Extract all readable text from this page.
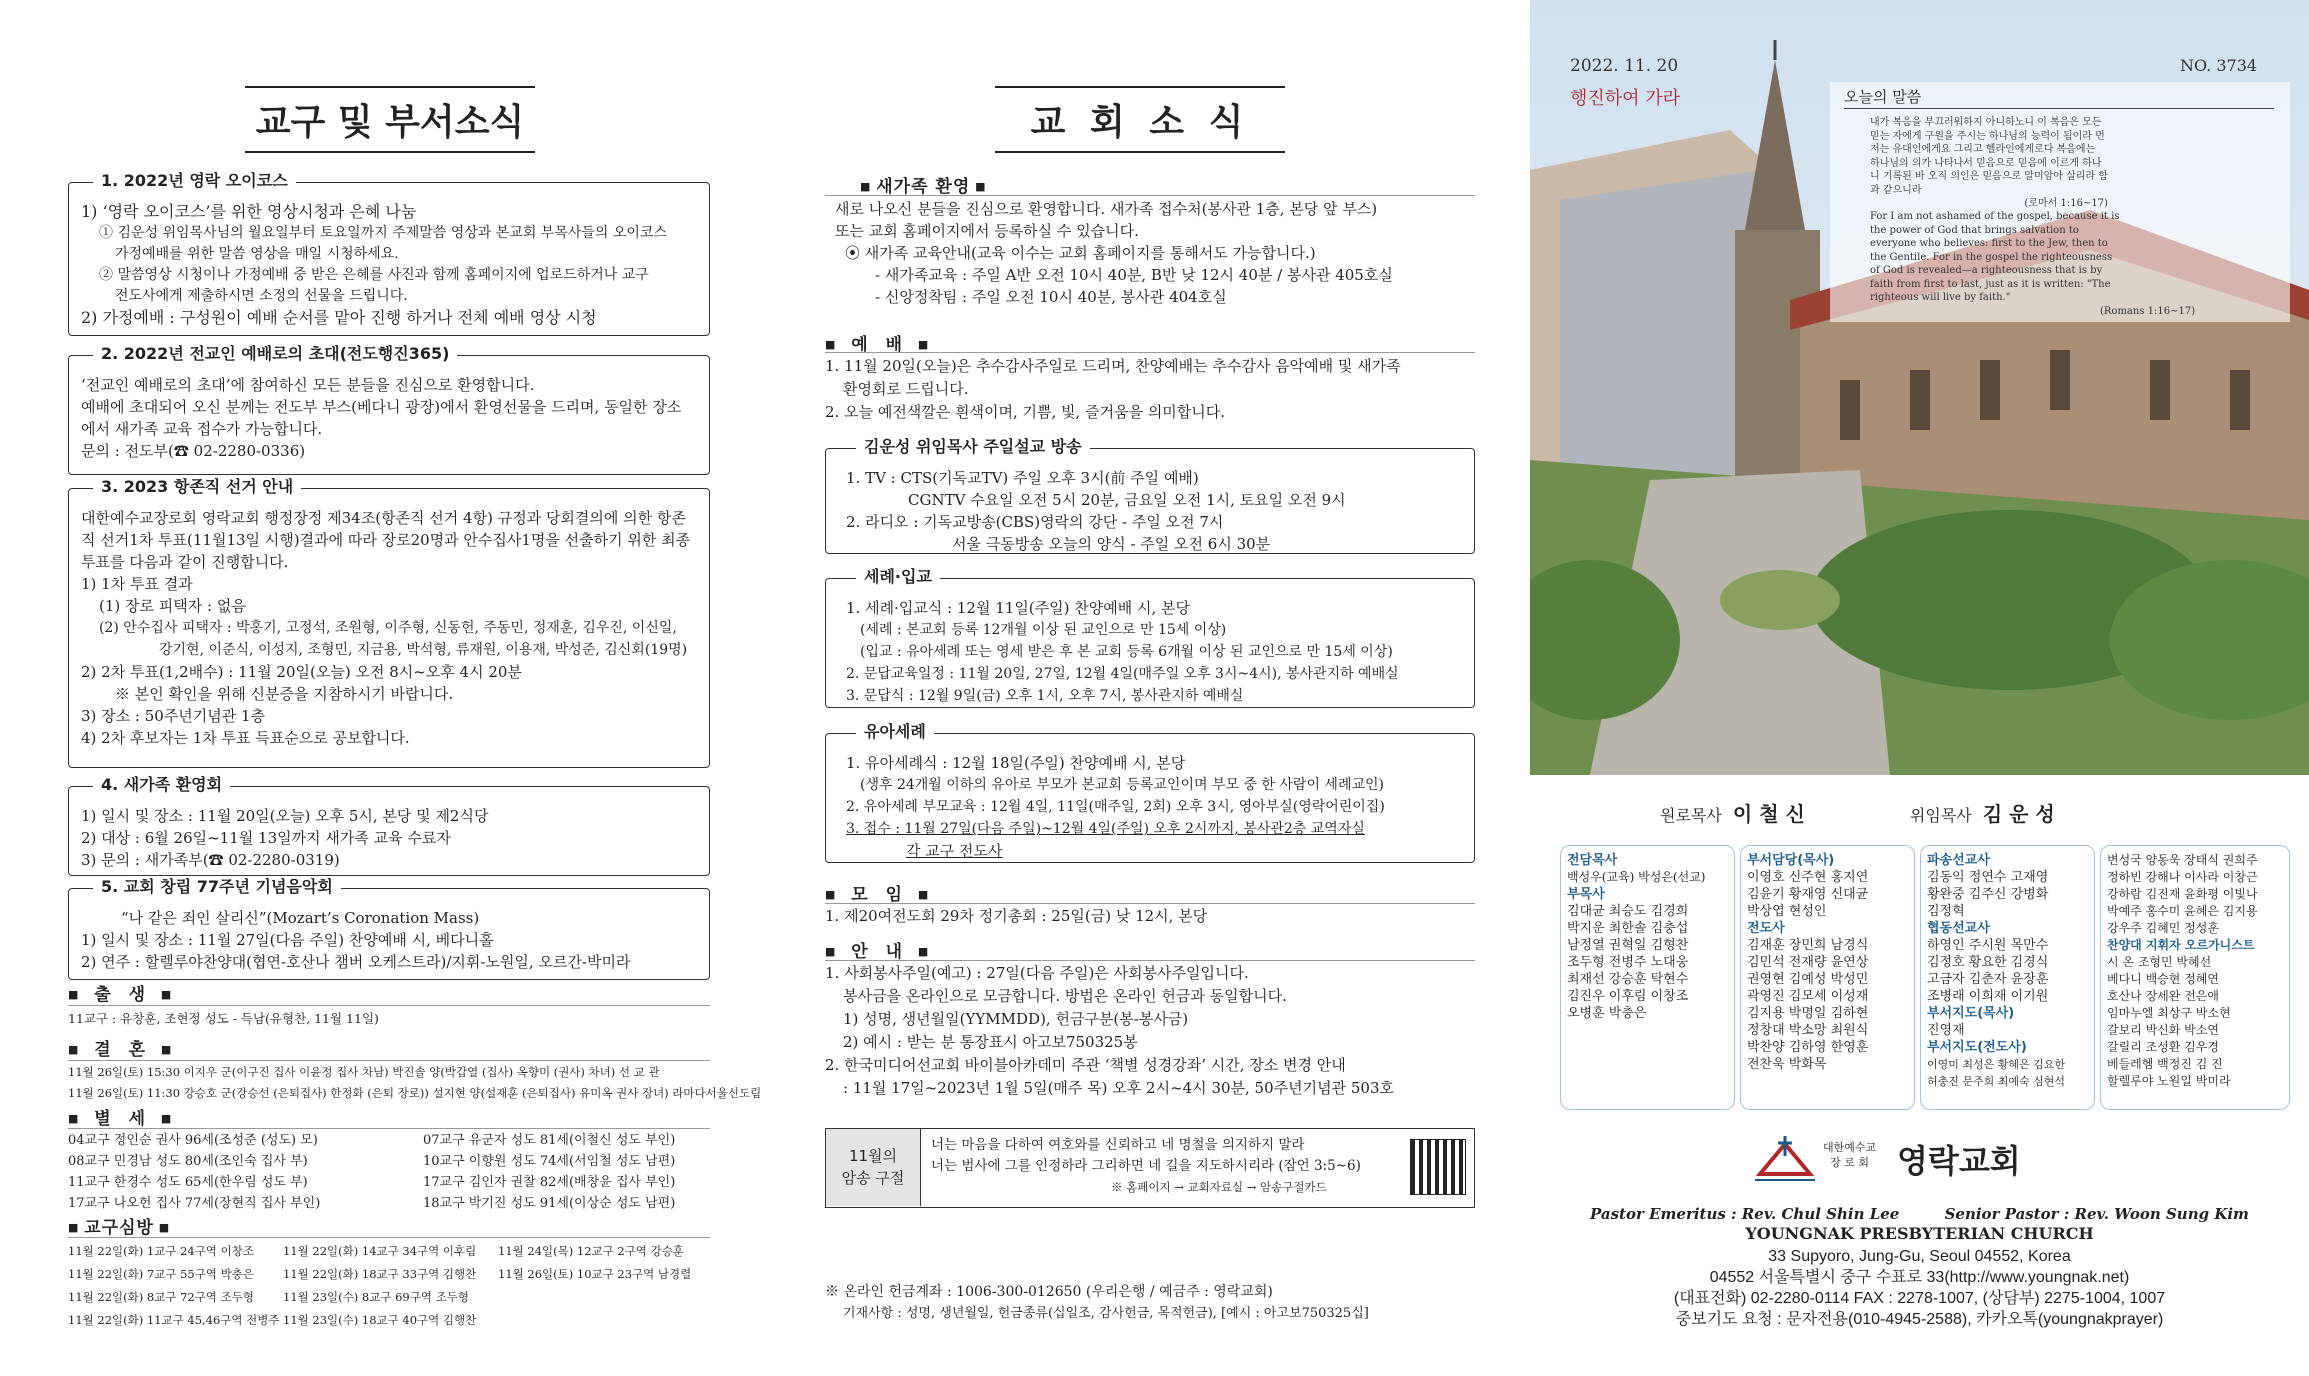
교구 및 부서소식
1. 2022년 영락 오이코스
1) ‘영락 오이코스’를 위한 영상시청과 은혜 나눔
① 김운성 위임목사님의 월요일부터 토요일까지 주제말씀 영상과 본교회 부목사들의 오이코스
가정예배를 위한 말씀 영상을 매일 시청하세요.
② 말씀영상 시청이나 가정예배 중 받은 은혜를 사진과 함께 홈페이지에 업로드하거나 교구
전도사에게 제출하시면 소정의 선물을 드립니다.
2) 가정예배 : 구성원이 예배 순서를 맡아 진행 하거나 전체 예배 영상 시청
2. 2022년 전교인 예배로의 초대(전도행진365)
‘전교인 예배로의 초대’에 참여하신 모든 분들을 진심으로 환영합니다.
예배에 초대되어 오신 분께는 전도부 부스(베다니 광장)에서 환영선물을 드리며, 동일한 장소
에서 새가족 교육 접수가 가능합니다.
문의 : 전도부(☎ 02-2280-0336)
3. 2023 항존직 선거 안내
대한예수교장로회 영락교회 행정장정 제34조(항존직 선거 4항) 규정과 당회결의에 의한 항존
직 선거1차 투표(11월13일 시행)결과에 따라 장로20명과 안수집사1명을 선출하기 위한 최종
투표를 다음과 같이 진행합니다.
1) 1차 투표 결과
(1) 장로 피택자 : 없음
(2) 안수집사 피택자 : 박홍기, 고정석, 조원형, 이주형, 신동헌, 주동민, 정재훈, 김우진, 이신일,
강기현, 이준식, 이성지, 조형민, 지금용, 박석형, 류재원, 이용재, 박성준, 김신회(19명)
2) 2차 투표(1,2배수) : 11월 20일(오늘) 오전 8시~오후 4시 20분
※ 본인 확인을 위해 신분증을 지참하시기 바랍니다.
3) 장소 : 50주년기념관 1층
4) 2차 후보자는 1차 투표 득표순으로 공보합니다.
4. 새가족 환영회
1) 일시 및 장소 : 11월 20일(오늘) 오후 5시, 본당 및 제2식당
2) 대상 : 6월 26일~11월 13일까지 새가족 교육 수료자
3) 문의 : 새가족부(☎ 02-2280-0319)
5. 교회 창립 77주년 기념음악회
“나 같은 죄인 살리신”(Mozart’s Coronation Mass)
1) 일시 및 장소 : 11월 27일(다음 주일) 찬양예배 시, 베다니홀
2) 연주 : 할렐루야찬양대(협연-호산나 챔버 오케스트라)/지휘-노원일, 오르간-박미라
■ 출 생 ■
11교구 : 유창훈, 조현정 성도 - 득남(유형찬, 11월 11일)
■ 결 혼 ■
11월 26일(토) 15:30 이지우 군(이구진 집사 이윤정 집사 차남) 박진솔 양(박갑열 (집사) 옥향미 (권사) 차녀) 선 교 관
11월 26일(토) 11:30 강승호 군(강승선 (은퇴집사) 한정화 (은퇴 장로)) 설지현 양(설재훈 (은퇴집사) 유미옥 권사 장녀) 라마다서울신도림
■ 별 세 ■
04교구 정인순 권사 96세(조성준 (성도) 모)	07교구 유군자 성도 81세(이철신 성도 부인)
08교구 민경남 성도 80세(조인숙 집사 부)	10교구 이향원 성도 74세(서임철 성도 남편)
11교구 한경수 성도 65세(한우림 성도 부)	17교구 김인자 권찰 82세(배창윤 집사 부인)
17교구 나오헌 집사 77세(장현직 집사 부인)	18교구 박기진 성도 91세(이상순 성도 남편)
■ 교구심방 ■
11월 22일(화) 1교구 24구역 이창조	11월 22일(화) 14교구 34구역 이후림 11월 24일(목) 12교구 2구역 강승훈
11월 22일(화) 7교구 55구역 박충은	11월 22일(화) 18교구 33구역 김행찬 11월 26일(토) 10교구 23구역 남경렬
11월 22일(화) 8교구 72구역 조두형	11월 23일(수) 8교구 69구역 조두형
11월 22일(화) 11교구 45,46구역 전병주 11월 23일(수) 18교구 40구역 김행찬
교 회 소 식
■ 새가족 환영 ■
새로 나오신 분들을 진심으로 환영합니다. 새가족 접수처(봉사관 1층, 본당 앞 부스)
또는 교회 홈페이지에서 등록하실 수 있습니다.
⦿ 새가족 교육안내(교육 이수는 교회 홈페이지를 통해서도 가능합니다.)
- 새가족교육 : 주일 A반 오전 10시 40분, B반 낮 12시 40분 / 봉사관 405호실
- 신앙정착팀 : 주일 오전 10시 40분, 봉사관 404호실
■ 예 배 ■
1. 11월 20일(오늘)은 추수감사주일로 드리며, 찬양예배는 추수감사 음악예배 및 새가족
환영회로 드립니다.
2. 오늘 예전색깔은 흰색이며, 기쁨, 빛, 즐거움을 의미합니다.
김운성 위임목사 주일설교 방송
1. TV : CTS(기독교TV) 주일 오후 3시(前 주일 예배)
CGNTV 수요일 오전 5시 20분, 금요일 오전 1시, 토요일 오전 9시
2. 라디오 : 기독교방송(CBS)영락의 강단 - 주일 오전 7시
서울 극동방송 오늘의 양식 - 주일 오전 6시 30분
세례·입교
1. 세례·입교식 : 12월 11일(주일) 찬양예배 시, 본당
(세례 : 본교회 등록 12개월 이상 된 교인으로 만 15세 이상)
(입교 : 유아세례 또는 영세 받은 후 본 교회 등록 6개월 이상 된 교인으로 만 15세 이상)
2. 문답교육일정 : 11월 20일, 27일, 12월 4일(매주일 오후 3시~4시), 봉사관지하 예배실
3. 문답식 : 12월 9일(금) 오후 1시, 오후 7시, 봉사관지하 예배실
유아세례
1. 유아세례식 : 12월 18일(주일) 찬양예배 시, 본당
(생후 24개월 이하의 유아로 부모가 본교회 등록교인이며 부모 중 한 사람이 세례교인)
2. 유아세례 부모교육 : 12월 4일, 11일(매주일, 2회) 오후 3시, 영아부실(영락어린이집)
3. 접수 : 11월 27일(다음 주일)~12월 4일(주일) 오후 2시까지, 봉사관2층 교역자실
각 교구 전도사
■ 모 임 ■
1. 제20여전도회 29차 정기총회 : 25일(금) 낮 12시, 본당
■ 안 내 ■
1. 사회봉사주일(예고) : 27일(다음 주일)은 사회봉사주일입니다.
봉사금을 온라인으로 모금합니다. 방법은 온라인 헌금과 동일합니다.
1) 성명, 생년월일(YYMMDD), 헌금구분(봉-봉사금)
2) 예시 : 받는 분 통장표시 아고보750325봉
2. 한국미디어선교회 바이블아카데미 주관 ‘책별 성경강좌’ 시간, 장소 변경 안내
: 11월 17일~2023년 1월 5일(매주 목) 오후 2시~4시 30분, 50주년기념관 503호
11월의
암송 구절
너는 마음을 다하여 여호와를 신뢰하고 네 명철을 의지하지 말라
너는 범사에 그를 인정하라 그리하면 네 길을 지도하시리라 (잠언 3:5~6)
※ 홈페이지 → 교회자료실 → 암송구절카드
※ 온라인 헌금계좌 : 1006-300-012650 (우리은행 / 예금주 : 영락교회)
기재사항 : 성명, 생년월일, 헌금종류(십일조, 감사헌금, 목적헌금), [예시 : 아고보750325십]
2022. 11. 20
행진하여 가라
NO. 3734
오늘의 말씀
내가 복음을 부끄러워하지 아니하노니 이 복음은 모든
믿는 자에게 구원을 주시는 하나님의 능력이 됨이라 먼
저는 유대인에게요 그리고 헬라인에게로다 복음에는
하나님의 의가 나타나서 믿음으로 믿음에 이르게 하나
니 기록된 바 오직 의인은 믿음으로 말미암아 살리라 함
과 같으니라
(로마서 1:16~17)
For I am not ashamed of the gospel, because it is
the power of God that brings salvation to
everyone who believes: first to the Jew, then to
the Gentile. For in the gospel the righteousness
of God is revealed—a righteousness that is by
faith from first to last, just as it is written: "The
righteous will live by faith."
(Romans 1:16~17)
원로목사 이 철 신	위임목사 김 운 성
전담목사
백성우(교육) 박성은(선교)
부목사
김대균 최승도 김경희
박지운 최한솔 김충섭
남정열 권혁일 김형찬
조두형 전병주 노대웅
최재선 강승훈 탁현수
김진우 이후림 이창조
오병훈 박충은
부서담당(목사)
이영호 신주현 홍지연
김윤기 황재영 신대균
박상엽 현성인
전도사
김재훈 장민희 남경식
김민석 전재량 윤연상
권영현 김예성 박성민
곽영진 김모세 이성재
김지용 박명일 김하현
정창대 박소망 최원식
박찬양 김하영 한영훈
전찬욱 박화목
파송선교사
김동익 정연수 고재영
황완중 김주신 강병화
김정혁
협동선교사
하영인 주시원 목만수
김정호 황요한 김경식
고금자 김춘자 윤장훈
조병래 이희재 이기원
부서지도(목사)
진영재
부서지도(전도사)
이영미 최성은 황혜은 김요한
허충진 문주희 최예숙 심현석
변성국 양동욱 장태식 권희주
정하빈 강해나 이사라 이창근
강하람 김진재 윤화평 이빛나
박예주 홍수미 윤혜은 김지용
강우주 김혜민 정성훈
찬양대 지휘자 오르가니스트
시 온 조형민 박혜선
베다니 백승현 정혜연
호산나 장세완 전은애
임마누엘 최상구 박소현
갈보리 박신화 박소연
갈릴리 조성환 김우경
베들레헴 백정진 김 진
할렐루야 노원일 박미라
대한예수교
장 로 회 영락교회
Pastor Emeritus : Rev. Chul Shin Lee	Senior Pastor : Rev. Woon Sung Kim
YOUNGNAK PRESBYTERIAN CHURCH
33 Supyoro, Jung-Gu, Seoul 04552, Korea
04552 서울특별시 중구 수표로 33(http://www.youngnak.net)
(대표전화) 02-2280-0114 FAX : 2278-1007, (상담부) 2275-1004, 1007
중보기도 요청 : 문자전용(010-4945-2588), 카카오톡(youngnakprayer)
